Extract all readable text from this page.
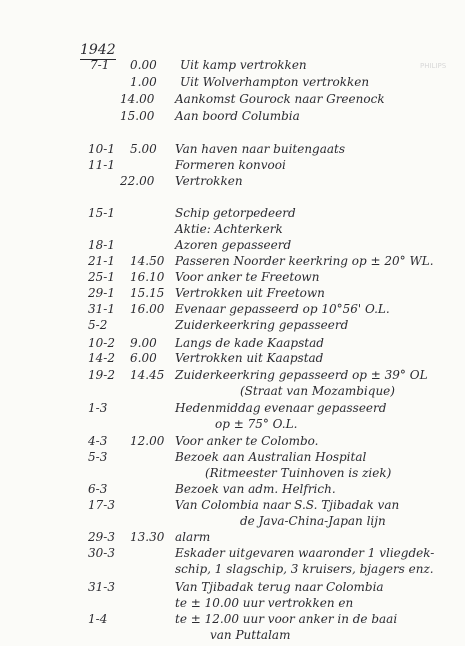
PHILIPS
1942
7-1	0.00	Uit kamp vertrokken
1.00	Uit Wolverhampton vertrokken
14.00	Aankomst Gourock naar Greenock
15.00	Aan boord Columbia
10-1	5.00	Van haven naar buitengaats
11-1	Formeren konvooi
22.00	Vertrokken
15-1	Schip getorpedeerd
Aktie: Achterkerk
18-1	Azoren gepasseerd
21-1	14.50 Passeren Noorder keerkring op ± 20° WL.
25-1	16.10 Voor anker te Freetown
29-1	15.15 Vertrokken uit Freetown
31-1	16.00 Evenaar gepasseerd op 10°56' O.L.
5-2	Zuiderkeerkring gepasseerd
10-2	9.00	Langs de kade Kaapstad
14-2	6.00	Vertrokken uit Kaapstad
19-2	14.45 Zuiderkeerkring gepasseerd op ± 39° OL
(Straat van Mozambique)
1-3	Hedenmiddag evenaar gepasseerd
op ± 75° O.L.
4-3	12.00 Voor anker te Colombo.
5-3	Bezoek aan Australian Hospital
(Ritmeester Tuinhoven is ziek)
6-3	Bezoek van adm. Helfrich.
17-3	Van Colombia naar S.S. Tjibadak van
de Java-China-Japan lijn
29-3	13.30 alarm
30-3	Eskader uitgevaren waaronder 1 vliegdek-
schip, 1 slagschip, 3 kruisers, bjagers enz.
31-3	Van Tjibadak terug naar Colombia
te ± 10.00 uur vertrokken en
1-4	te ± 12.00 uur voor anker in de baai
van Puttalam
